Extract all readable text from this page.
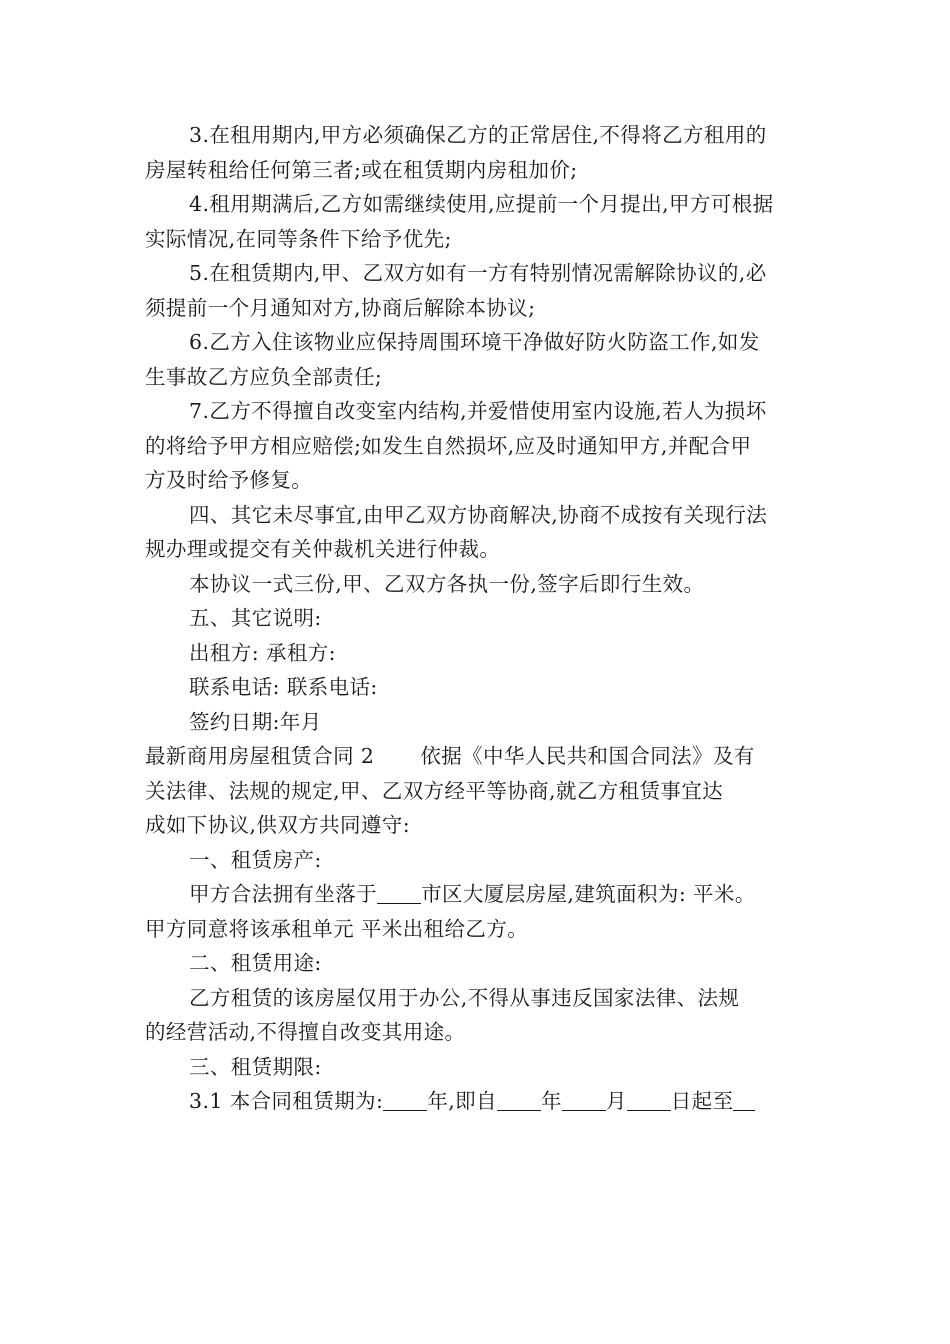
3.在租用期内,甲方必须确保乙方的正常居住,不得将乙方租用的
房屋转租给任何第三者;或在租赁期内房租加价;
4.租用期满后,乙方如需继续使用,应提前一个月提出,甲方可根据
实际情况,在同等条件下给予优先;
5.在租赁期内,甲、乙双方如有一方有特别情况需解除协议的,必
须提前一个月通知对方,协商后解除本协议;
6.乙方入住该物业应保持周围环境干净做好防火防盗工作,如发
生事故乙方应负全部责任;
7.乙方不得擅自改变室内结构,并爱惜使用室内设施,若人为损坏
的将给予甲方相应赔偿;如发生自然损坏,应及时通知甲方,并配合甲
方及时给予修复。
四、其它未尽事宜,由甲乙双方协商解决,协商不成按有关现行法
规办理或提交有关仲裁机关进行仲裁。
本协议一式三份,甲、乙双方各执一份,签字后即行生效。
五、其它说明:
出租方: 承租方:
联系电话: 联系电话:
签约日期:年月
最新商用房屋租赁合同 2 依据《中华人民共和国合同法》及有
关法律、法规的规定,甲、乙双方经平等协商,就乙方租赁事宜达
成如下协议,供双方共同遵守:
一、租赁房产:
甲方合法拥有坐落于 市区大厦层房屋,建筑面积为: 平米。
甲方同意将该承租单元 平米出租给乙方。
二、租赁用途:
乙方租赁的该房屋仅用于办公,不得从事违反国家法律、法规
的经营活动,不得擅自改变其用途。
三、租赁期限:
3.1 本合同租赁期为: 年,即自 年 月 日起至
